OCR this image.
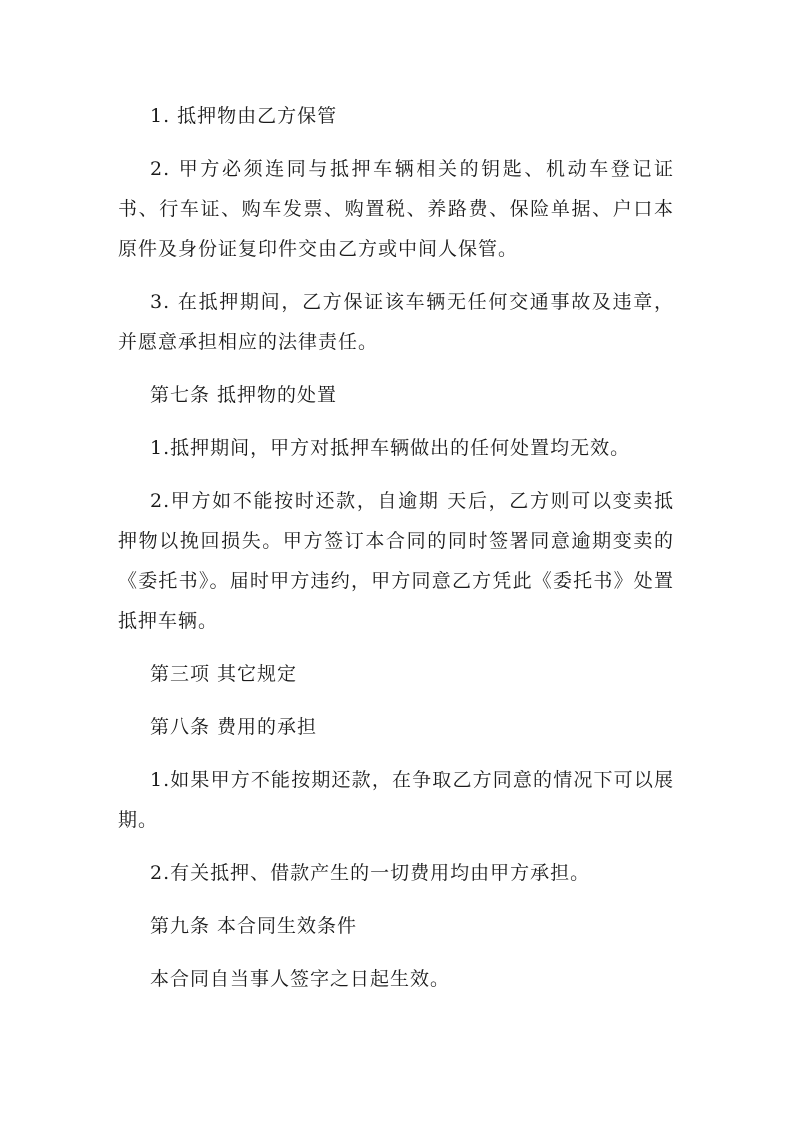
1. 抵押物由乙方保管

2. 甲方必须连同与抵押车辆相关的钥匙、机动车登记证书、行车证、购车发票、购置税、养路费、保险单据、户口本原件及身份证复印件交由乙方或中间人保管。

3. 在抵押期间，乙方保证该车辆无任何交通事故及违章，并愿意承担相应的法律责任。

第七条 抵押物的处置

1.抵押期间，甲方对抵押车辆做出的任何处置均无效。

2.甲方如不能按时还款，自逾期 天后，乙方则可以变卖抵押物以挽回损失。甲方签订本合同的同时签署同意逾期变卖的《委托书》。届时甲方违约，甲方同意乙方凭此《委托书》处置抵押车辆。

第三项 其它规定

第八条 费用的承担

1.如果甲方不能按期还款，在争取乙方同意的情况下可以展期。

2.有关抵押、借款产生的一切费用均由甲方承担。

第九条 本合同生效条件

本合同自当事人签字之日起生效。
